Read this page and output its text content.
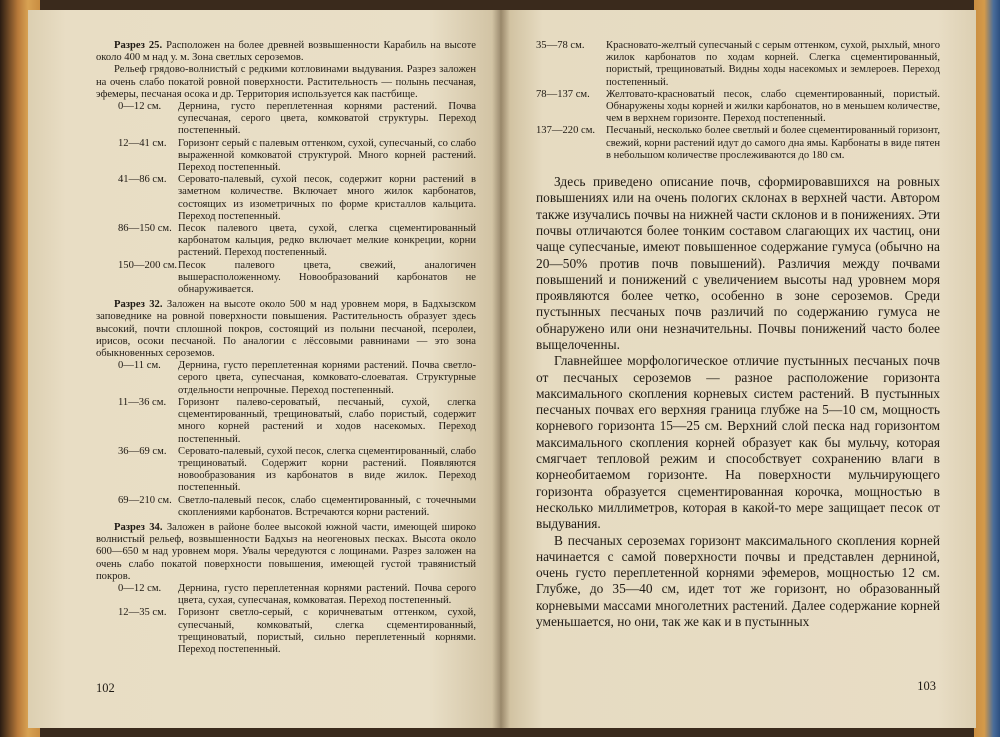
Разрез 25. Расположен на более древней возвышенности Карабиль на высоте около 400 м над у. м. Зона светлых сероземов.

Рельеф грядово-волнистый с редкими котловинами выдувания. Разрез заложен на очень слабо покатой ровной поверхности. Растительность — полынь песчаная, эфемеры, песчаная осока и др. Территория используется как пастбище.

0—12 см.	Дернина, густо переплетенная корнями растений. Почва супесчаная, серого цвета, комковатой структуры. Переход постепенный.
12—41 см.	Горизонт серый с палевым оттенком, сухой, супесчаный, со слабо выраженной комковатой структурой. Много корней растений. Переход постепенный.
41—86 см.	Серовато-палевый, сухой песок, содержит корни растений в заметном количестве. Включает много жилок карбонатов, состоящих из изометричных по форме кристаллов кальцита. Переход постепенный.
86—150 см. Песок палевого цвета, сухой, слегка сцементированный карбонатом кальция, редко включает мелкие конкреции, корни растений. Переход постепенный.
150—200 см. Песок палевого цвета, свежий, аналогичен вышерасположенному. Новообразований карбонатов не обнаруживается.

Разрез 32. Заложен на высоте около 500 м над уровнем моря, в Бадхызском заповеднике на ровной поверхности повышения. Растительность образует здесь высокий, почти сплошной покров, состоящий из полыни песчаной, псеролеи, ирисов, осоки песчаной. По аналогии с лёссовыми равнинами — это зона обыкновенных сероземов.

0—11 см.	Дернина, густо переплетенная корнями растений. Почва светло-серого цвета, супесчаная, комковато-слоеватая. Структурные отдельности непрочные. Переход постепенный.
11—36 см.	Горизонт палево-сероватый, песчаный, сухой, слегка сцементированный, трещиноватый, слабо пористый, содержит много корней растений и ходов насекомых. Переход постепенный.
36—69 см.	Серовато-палевый, сухой песок, слегка сцементированный, слабо трещиноватый. Содержит корни растений. Появляются новообразования из карбонатов в виде жилок. Переход постепенный.
69—210 см. Светло-палевый песок, слабо сцементированный, с точечными скоплениями карбонатов. Встречаются корни растений.

Разрез 34. Заложен в районе более высокой южной части, имеющей широко волнистый рельеф, возвышенности Бадхыз на неогеновых песках. Высота около 600—650 м над уровнем моря. Увалы чередуются с лощинами. Разрез заложен на очень слабо покатой поверхности повышения, имеющей густой травянистый покров.

0—12 см.	Дернина, густо переплетенная корнями растений. Почва серого цвета, сухая, супесчаная, комковатая. Переход постепенный.
12—35 см.	Горизонт светло-серый, с коричневатым оттенком, сухой, супесчаный, комковатый, слегка сцементированный, трещиноватый, пористый, сильно переплетенный корнями. Переход постепенный.
102
35—78 см.	Красновато-желтый супесчаный с серым оттенком, сухой, рыхлый, много жилок карбонатов по ходам корней. Слегка сцементированный, пористый, трещиноватый. Видны ходы насекомых и землероев. Переход постепенный.
78—137 см.	Желтовато-красноватый песок, слабо сцементированный, пористый. Обнаружены ходы корней и жилки карбонатов, но в меньшем количестве, чем в верхнем горизонте. Переход постепенный.
137—220 см.	Песчаный, несколько более светлый и более сцементированный горизонт, свежий, корни растений идут до самого дна ямы. Карбонаты в виде пятен в небольшом количестве прослеживаются до 180 см.

Здесь приведено описание почв, сформировавшихся на ровных повышениях или на очень пологих склонах в верхней части. Автором также изучались почвы на нижней части склонов и в понижениях. Эти почвы отличаются более тонким составом слагающих их частиц, они чаще супесчаные, имеют повышенное содержание гумуса (обычно на 20—50% против почв повышений). Различия между почвами повышений и понижений с увеличением высоты над уровнем моря проявляются более четко, особенно в зоне сероземов. Среди пустынных песчаных почв различий по содержанию гумуса не обнаружено или они незначительны. Почвы понижений часто более выщелоченны.

Главнейшее морфологическое отличие пустынных песчаных почв от песчаных сероземов — разное расположение горизонта максимального скопления корневых систем растений. В пустынных песчаных почвах его верхняя граница глубже на 5—10 см, мощность корневого горизонта 15—25 см. Верхний слой песка над горизонтом максимального скопления корней образует как бы мульчу, которая смягчает тепловой режим и способствует сохранению влаги в корнеобитаемом горизонте. На поверхности мульчирующего горизонта образуется сцементированная корочка, мощностью в несколько миллиметров, которая в какой-то мере защищает песок от выдувания.

В песчаных сероземах горизонт максимального скопления корней начинается с самой поверхности почвы и представлен дерниной, очень густо переплетенной корнями эфемеров, мощностью 12 см. Глубже, до 35—40 см, идет тот же горизонт, но образованный корневыми массами многолетних растений. Далее содержание корней уменьшается, но они, так же как и в пустынных

103
